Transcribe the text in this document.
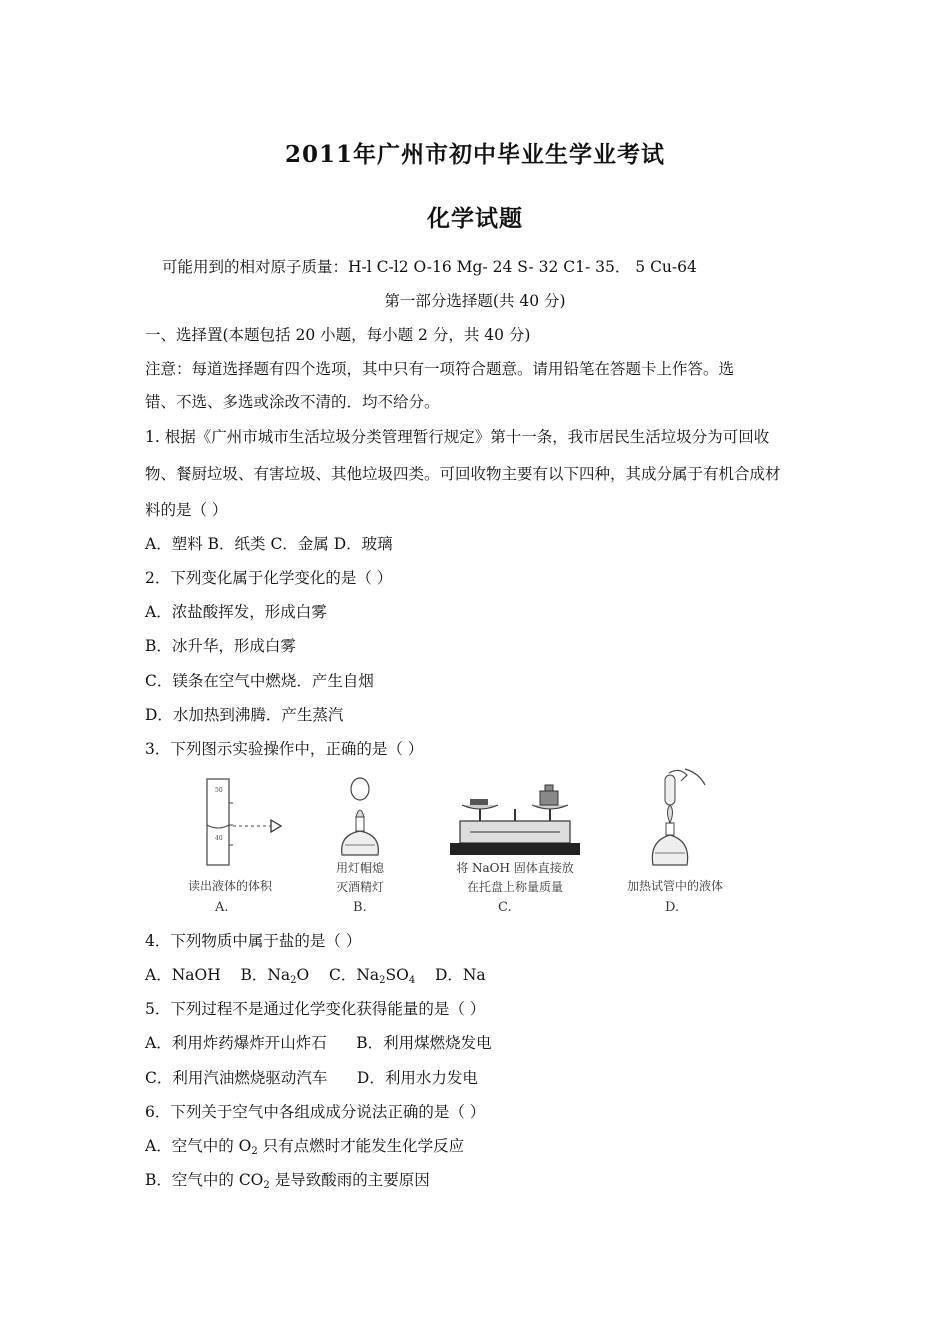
2011年广州市初中毕业生学业考试
化学试题
可能用到的相对原子质量：H-l C-l2 O-16 Mg- 24 S- 32 C1- 35． 5 Cu-64
第一部分选择题(共 40 分)
一、选择置(本题包括 20 小题，每小题 2 分，共 40 分)
注意：每道选择题有四个选项，其中只有一项符合题意。请用铅笔在答题卡上作答。选
错、不选、多选或涂改不清的．均不给分。
1. 根据《广州市城市生活垃圾分类管理暂行规定》第十一条，我市居民生活垃圾分为可回收
物、餐厨垃圾、有害垃圾、其他垃圾四类。可回收物主要有以下四种，其成分属于有机合成材
料的是（ ）
A．塑料 B．纸类 C．金属 D．玻璃
2．下列变化属于化学变化的是（ ）
A．浓盐酸挥发，形成白雾
B．冰升华，形成白雾
C．镁条在空气中燃烧．产生自烟
D．水加热到沸腾．产生蒸汽
3．下列图示实验操作中，正确的是（ ）
50
40
读出液体的体积
A.
用灯帽熄
灭酒精灯
B.
将 NaOH 固体直接放
在托盘上称量质量
C.
加热试管中的液体
D.
4．下列物质中属于盐的是（ ）
A．NaOH B．$Na_2O$ C．$Na_2SO_4$ D．Na
5．下列过程不是通过化学变化获得能量的是（ ）
A．利用炸药爆炸开山炸石      B．利用煤燃烧发电
C．利用汽油燃烧驱动汽车      D．利用水力发电
6．下列关于空气中各组成成分说法正确的是（ ）
A．空气中的 $O_2$ 只有点燃时才能发生化学反应
B．空气中的 $CO_2$ 是导致酸雨的主要原因
